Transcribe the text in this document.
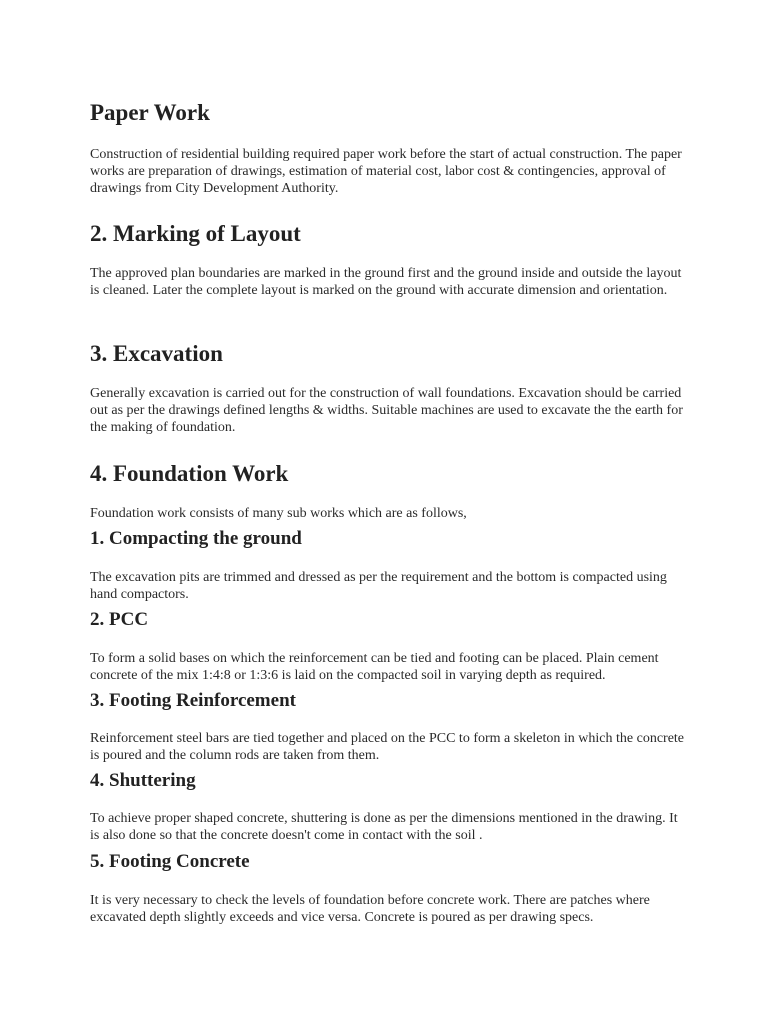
Paper Work

Construction of residential building required paper work before the start of actual construction. The paper works are preparation of drawings, estimation of material cost, labor cost & contingencies, approval of drawings from City Development Authority.

2. Marking of Layout

The approved plan boundaries are marked in the ground first and the ground inside and outside the layout is cleaned. Later the complete layout is marked on the ground with accurate dimension and orientation.

3. Excavation

Generally excavation is carried out for the construction of wall foundations. Excavation should be carried out as per the drawings defined lengths & widths. Suitable machines are used to excavate the the earth for the making of foundation.

4. Foundation Work

Foundation work consists of many sub works which are as follows,

1. Compacting the ground

The excavation pits are trimmed and dressed as per the requirement and the bottom is compacted using hand compactors.

2. PCC

To form a solid bases on which the reinforcement can be tied and footing can be placed. Plain cement concrete of the mix 1:4:8 or 1:3:6 is laid on the compacted soil in varying depth as required.

3. Footing Reinforcement

Reinforcement steel bars are tied together and placed on the PCC to form a skeleton in which the concrete is poured and the column rods are taken from them.

4. Shuttering

To achieve proper shaped concrete, shuttering is done as per the dimensions mentioned in the drawing. It is also done so that the concrete doesn't come in contact with the soil .

5. Footing Concrete

It is very necessary to check the levels of foundation before concrete work. There are patches where excavated depth slightly exceeds and vice versa. Concrete is poured as per drawing specs.
